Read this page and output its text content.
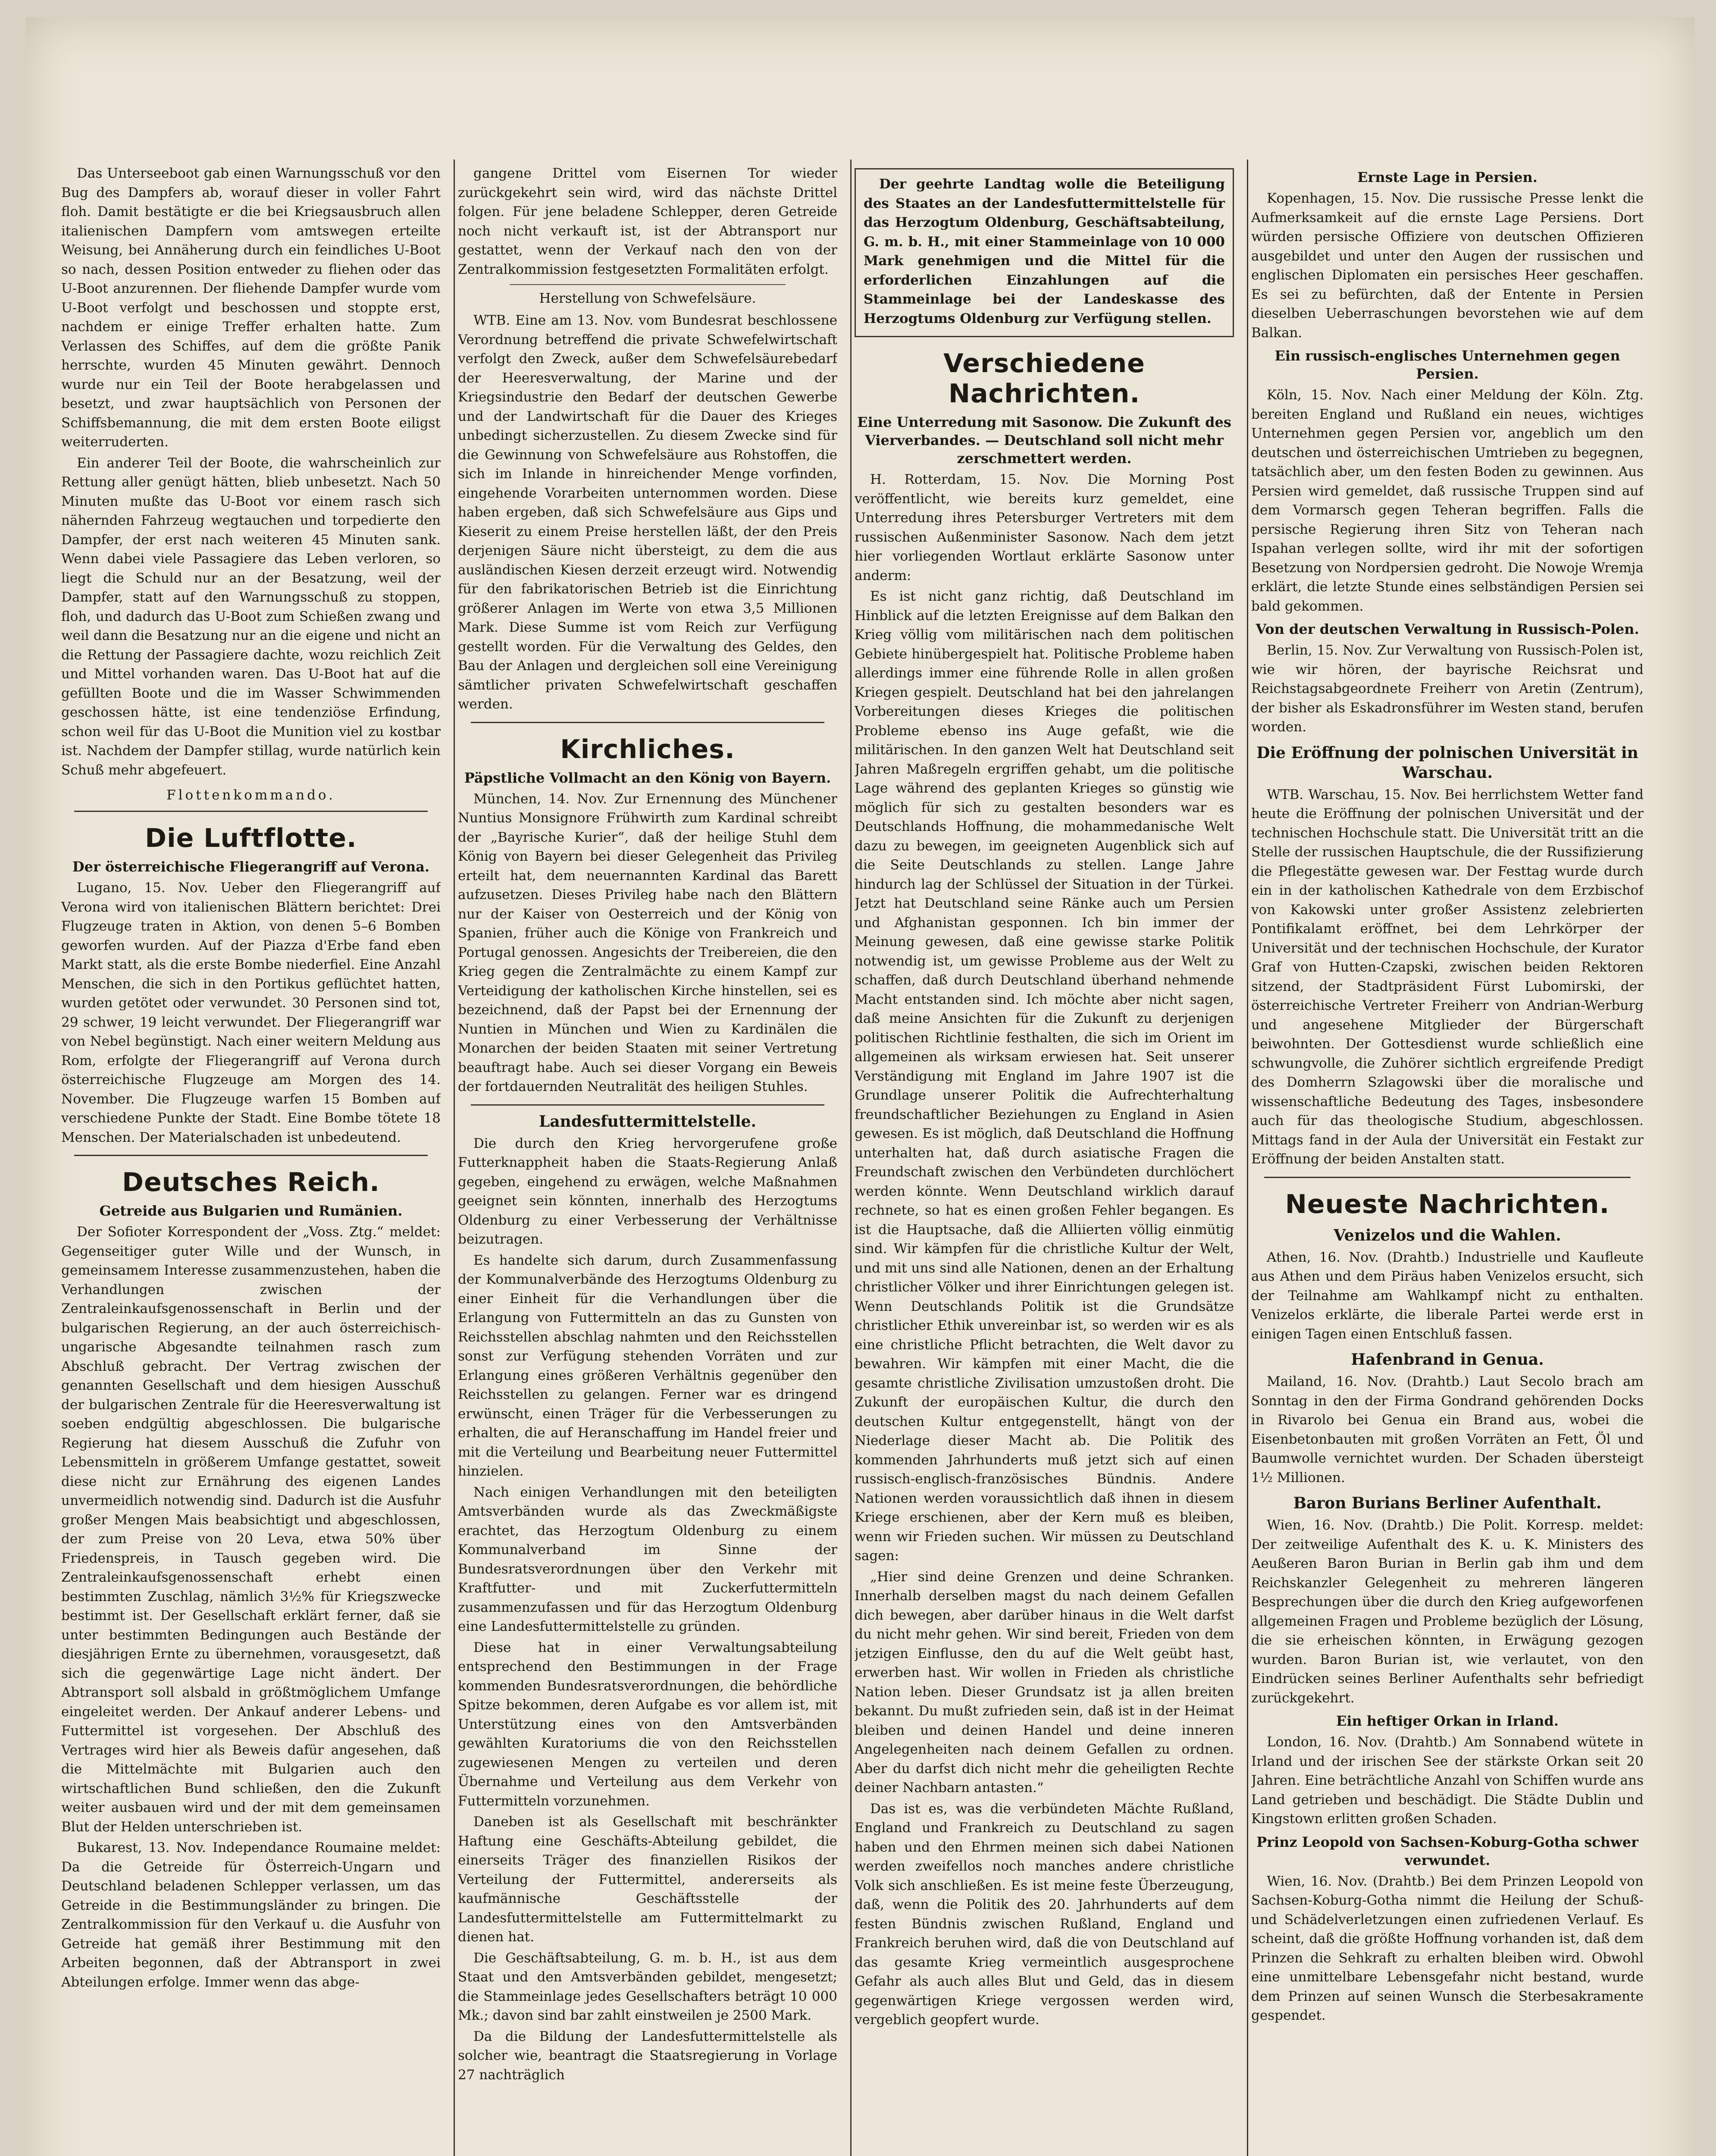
Das Unterseeboot gab einen Warnungsschuß vor den Bug des Dampfers ab, worauf dieser in voller Fahrt floh. Damit bestätigte er die bei Kriegsausbruch allen italienischen Dampfern vom amtswegen erteilte Weisung, bei Annäherung durch ein feindliches U-Boot so nach, dessen Position entweder zu fliehen oder das U-Boot anzurennen. Der fliehende Dampfer wurde vom U-Boot verfolgt und beschossen und stoppte erst, nachdem er einige Treffer erhalten hatte. Zum Verlassen des Schiffes, auf dem die größte Panik herrschte, wurden 45 Minuten gewährt. Dennoch wurde nur ein Teil der Boote herabgelassen und besetzt, und zwar hauptsächlich von Personen der Schiffsbemannung, die mit dem ersten Boote eiligst weiterruderten.

Ein anderer Teil der Boote, die wahrscheinlich zur Rettung aller genügt hätten, blieb unbesetzt. Nach 50 Minuten mußte das U-Boot vor einem rasch sich nähernden Fahrzeug wegtauchen und torpedierte den Dampfer, der erst nach weiteren 45 Minuten sank. Wenn dabei viele Passagiere das Leben verloren, so liegt die Schuld nur an der Besatzung, weil der Dampfer, statt auf den Warnungsschuß zu stoppen, floh, und dadurch das U-Boot zum Schießen zwang und weil dann die Besatzung nur an die eigene und nicht an die Rettung der Passagiere dachte, wozu reichlich Zeit und Mittel vorhanden waren. Das U-Boot hat auf die gefüllten Boote und die im Wasser Schwimmenden geschossen hätte, ist eine tendenziöse Erfindung, schon weil für das U-Boot die Munition viel zu kostbar ist. Nachdem der Dampfer stillag, wurde natürlich kein Schuß mehr abgefeuert.

Flottenkommando.
Die Luftflotte.
Der österreichische Fliegerangriff auf Verona.

Lugano, 15. Nov. Ueber den Fliegerangriff auf Verona wird von italienischen Blättern berichtet: Drei Flugzeuge traten in Aktion, von denen 5–6 Bomben geworfen wurden. Auf der Piazza d'Erbe fand eben Markt statt, als die erste Bombe niederfiel. Eine Anzahl Menschen, die sich in den Portikus geflüchtet hatten, wurden getötet oder verwundet. 30 Personen sind tot, 29 schwer, 19 leicht verwundet. Der Fliegerangriff war von Nebel begünstigt. Nach einer weitern Meldung aus Rom, erfolgte der Fliegerangriff auf Verona durch österreichische Flugzeuge am Morgen des 14. November. Die Flugzeuge warfen 15 Bomben auf verschiedene Punkte der Stadt. Eine Bombe tötete 18 Menschen. Der Materialschaden ist unbedeutend.

Deutsches Reich.
Getreide aus Bulgarien und Rumänien.

Der Sofioter Korrespondent der „Voss. Ztg.“ meldet: Gegenseitiger guter Wille und der Wunsch, in gemeinsamem Interesse zusammenzustehen, haben die Verhandlungen zwischen der Zentraleinkaufsgenossenschaft in Berlin und der bulgarischen Regierung, an der auch österreichisch-ungarische Abgesandte teilnahmen rasch zum Abschluß gebracht. Der Vertrag zwischen der genannten Gesellschaft und dem hiesigen Ausschuß der bulgarischen Zentrale für die Heeresverwaltung ist soeben endgültig abgeschlossen. Die bulgarische Regierung hat diesem Ausschuß die Zufuhr von Lebensmitteln in größerem Umfange gestattet, soweit diese nicht zur Ernährung des eigenen Landes unvermeidlich notwendig sind. Dadurch ist die Ausfuhr großer Mengen Mais beabsichtigt und abgeschlossen, der zum Preise von 20 Leva, etwa 50% über Friedenspreis, in Tausch gegeben wird. Die Zentraleinkaufsgenossenschaft erhebt einen bestimmten Zuschlag, nämlich 3½% für Kriegszwecke bestimmt ist. Der Gesellschaft erklärt ferner, daß sie unter bestimmten Bedingungen auch Bestände der diesjährigen Ernte zu übernehmen, vorausgesetzt, daß sich die gegenwärtige Lage nicht ändert. Der Abtransport soll alsbald in größtmöglichem Umfange eingeleitet werden. Der Ankauf anderer Lebens- und Futtermittel ist vorgesehen. Der Abschluß des Vertrages wird hier als Beweis dafür angesehen, daß die Mittelmächte mit Bulgarien auch den wirtschaftlichen Bund schließen, den die Zukunft weiter ausbauen wird und der mit dem gemeinsamen Blut der Helden unterschrieben ist.

Bukarest, 13. Nov. Independance Roumaine meldet: Da die Getreide für Österreich-Ungarn und Deutschland beladenen Schlepper verlassen, um das Getreide in die Bestimmungsländer zu bringen. Die Zentralkommission für den Verkauf u. die Ausfuhr von Getreide hat gemäß ihrer Bestimmung mit den Arbeiten begonnen, daß der Abtransport in zwei Abteilungen erfolge. Immer wenn das abge-

gangene Drittel vom Eisernen Tor wieder zurückgekehrt sein wird, wird das nächste Drittel folgen. Für jene beladene Schlepper, deren Getreide noch nicht verkauft ist, ist der Abtransport nur gestattet, wenn der Verkauf nach den von der Zentralkommission festgesetzten Formalitäten erfolgt.

Herstellung von Schwefelsäure.

WTB. Eine am 13. Nov. vom Bundesrat beschlossene Verordnung betreffend die private Schwefelwirtschaft verfolgt den Zweck, außer dem Schwefelsäurebedarf der Heeresverwaltung, der Marine und der Kriegsindustrie den Bedarf der deutschen Gewerbe und der Landwirtschaft für die Dauer des Krieges unbedingt sicherzustellen. Zu diesem Zwecke sind für die Gewinnung von Schwefelsäure aus Rohstoffen, die sich im Inlande in hinreichender Menge vorfinden, eingehende Vorarbeiten unternommen worden. Diese haben ergeben, daß sich Schwefelsäure aus Gips und Kieserit zu einem Preise herstellen läßt, der den Preis derjenigen Säure nicht übersteigt, zu dem die aus ausländischen Kiesen derzeit erzeugt wird. Notwendig für den fabrikatorischen Betrieb ist die Einrichtung größerer Anlagen im Werte von etwa 3,5 Millionen Mark. Diese Summe ist vom Reich zur Verfügung gestellt worden. Für die Verwaltung des Geldes, den Bau der Anlagen und dergleichen soll eine Vereinigung sämtlicher privaten Schwefelwirtschaft geschaffen werden.

Kirchliches.
Päpstliche Vollmacht an den König von Bayern.

München, 14. Nov. Zur Ernennung des Münchener Nuntius Monsignore Frühwirth zum Kardinal schreibt der „Bayrische Kurier“, daß der heilige Stuhl dem König von Bayern bei dieser Gelegenheit das Privileg erteilt hat, dem neuernannten Kardinal das Barett aufzusetzen. Dieses Privileg habe nach den Blättern nur der Kaiser von Oesterreich und der König von Spanien, früher auch die Könige von Frankreich und Portugal genossen. Angesichts der Treibereien, die den Krieg gegen die Zentralmächte zu einem Kampf zur Verteidigung der katholischen Kirche hinstellen, sei es bezeichnend, daß der Papst bei der Ernennung der Nuntien in München und Wien zu Kardinälen die Monarchen der beiden Staaten mit seiner Vertretung beauftragt habe. Auch sei dieser Vorgang ein Beweis der fortdauernden Neutralität des heiligen Stuhles.

Landesfuttermittelstelle.

Die durch den Krieg hervorgerufene große Futterknappheit haben die Staats-Regierung Anlaß gegeben, eingehend zu erwägen, welche Maßnahmen geeignet sein könnten, innerhalb des Herzogtums Oldenburg zu einer Verbesserung der Verhältnisse beizutragen.

Es handelte sich darum, durch Zusammenfassung der Kommunalverbände des Herzogtums Oldenburg zu einer Einheit für die Verhandlungen über die Erlangung von Futtermitteln an das zu Gunsten von Reichsstellen abschlag nahmten und den Reichsstellen sonst zur Verfügung stehenden Vorräten und zur Erlangung eines größeren Verhältnis gegenüber den Reichsstellen zu gelangen. Ferner war es dringend erwünscht, einen Träger für die Verbesserungen zu erhalten, die auf Heranschaffung im Handel freier und mit die Verteilung und Bearbeitung neuer Futtermittel hinzielen.

Nach einigen Verhandlungen mit den beteiligten Amtsverbänden wurde als das Zweckmäßigste erachtet, das Herzogtum Oldenburg zu einem Kommunalverband im Sinne der Bundesratsverordnungen über den Verkehr mit Kraftfutter- und mit Zuckerfuttermitteln zusammenzufassen und für das Herzogtum Oldenburg eine Landesfuttermittelstelle zu gründen.

Diese hat in einer Verwaltungsabteilung entsprechend den Bestimmungen in der Frage kommenden Bundesratsverordnungen, die behördliche Spitze bekommen, deren Aufgabe es vor allem ist, mit Unterstützung eines von den Amtsverbänden gewählten Kuratoriums die von den Reichsstellen zugewiesenen Mengen zu verteilen und deren Übernahme und Verteilung aus dem Verkehr von Futtermitteln vorzunehmen.

Daneben ist als Gesellschaft mit beschränkter Haftung eine Geschäfts-Abteilung gebildet, die einerseits Träger des finanziellen Risikos der Verteilung der Futtermittel, andererseits als kaufmännische Geschäftsstelle der Landesfuttermittelstelle am Futtermittelmarkt zu dienen hat.

Die Geschäftsabteilung, G. m. b. H., ist aus dem Staat und den Amtsverbänden gebildet, mengesetzt; die Stammeinlage jedes Gesellschafters beträgt 10 000 Mk.; davon sind bar zahlt einstweilen je 2500 Mark.

Da die Bildung der Landesfuttermittelstelle als solcher wie, beantragt die Staatsregierung in Vorlage 27 nachträglich

Der geehrte Landtag wolle die Beteiligung des Staates an der Landesfuttermittelstelle für das Herzogtum Oldenburg, Geschäftsabteilung, G. m. b. H., mit einer Stammeinlage von 10 000 Mark genehmigen und die Mittel für die erforderlichen Einzahlungen auf die Stammeinlage bei der Landeskasse des Herzogtums Oldenburg zur Verfügung stellen.

Verschiedene Nachrichten.
Eine Unterredung mit Sasonow. Die Zukunft des Vierverbandes. — Deutschland soll nicht mehr zerschmettert werden.

H. Rotterdam, 15. Nov. Die Morning Post veröffentlicht, wie bereits kurz gemeldet, eine Unterredung ihres Petersburger Vertreters mit dem russischen Außenminister Sasonow. Nach dem jetzt hier vorliegenden Wortlaut erklärte Sasonow unter anderm:

Es ist nicht ganz richtig, daß Deutschland im Hinblick auf die letzten Ereignisse auf dem Balkan den Krieg völlig vom militärischen nach dem politischen Gebiete hinübergespielt hat. Politische Probleme haben allerdings immer eine führende Rolle in allen großen Kriegen gespielt. Deutschland hat bei den jahrelangen Vorbereitungen dieses Krieges die politischen Probleme ebenso ins Auge gefaßt, wie die militärischen. In den ganzen Welt hat Deutschland seit Jahren Maßregeln ergriffen gehabt, um die politische Lage während des geplanten Krieges so günstig wie möglich für sich zu gestalten besonders war es Deutschlands Hoffnung, die mohammedanische Welt dazu zu bewegen, im geeigneten Augenblick sich auf die Seite Deutschlands zu stellen. Lange Jahre hindurch lag der Schlüssel der Situation in der Türkei. Jetzt hat Deutschland seine Ränke auch um Persien und Afghanistan gesponnen. Ich bin immer der Meinung gewesen, daß eine gewisse starke Politik notwendig ist, um gewisse Probleme aus der Welt zu schaffen, daß durch Deutschland überhand nehmende Macht entstanden sind. Ich möchte aber nicht sagen, daß meine Ansichten für die Zukunft zu derjenigen politischen Richtlinie festhalten, die sich im Orient im allgemeinen als wirksam erwiesen hat. Seit unserer Verständigung mit England im Jahre 1907 ist die Grundlage unserer Politik die Aufrechterhaltung freundschaftlicher Beziehungen zu England in Asien gewesen. Es ist möglich, daß Deutschland die Hoffnung unterhalten hat, daß durch asiatische Fragen die Freundschaft zwischen den Verbündeten durchlöchert werden könnte. Wenn Deutschland wirklich darauf rechnete, so hat es einen großen Fehler begangen. Es ist die Hauptsache, daß die Alliierten völlig einmütig sind. Wir kämpfen für die christliche Kultur der Welt, und mit uns sind alle Nationen, denen an der Erhaltung christlicher Völker und ihrer Einrichtungen gelegen ist. Wenn Deutschlands Politik ist die Grundsätze christlicher Ethik unvereinbar ist, so werden wir es als eine christliche Pflicht betrachten, die Welt davor zu bewahren. Wir kämpfen mit einer Macht, die die gesamte christliche Zivilisation umzustoßen droht. Die Zukunft der europäischen Kultur, die durch den deutschen Kultur entgegenstellt, hängt von der Niederlage dieser Macht ab. Die Politik des kommenden Jahrhunderts muß jetzt sich auf einen russisch-englisch-französisches Bündnis. Andere Nationen werden voraussichtlich daß ihnen in diesem Kriege erschienen, aber der Kern muß es bleiben, wenn wir Frieden suchen. Wir müssen zu Deutschland sagen:

„Hier sind deine Grenzen und deine Schranken. Innerhalb derselben magst du nach deinem Gefallen dich bewegen, aber darüber hinaus in die Welt darfst du nicht mehr gehen. Wir sind bereit, Frieden von dem jetzigen Einflusse, den du auf die Welt geübt hast, erwerben hast. Wir wollen in Frieden als christliche Nation leben. Dieser Grundsatz ist ja allen breiten bekannt. Du mußt zufrieden sein, daß ist in der Heimat bleiben und deinen Handel und deine inneren Angelegenheiten nach deinem Gefallen zu ordnen. Aber du darfst dich nicht mehr die geheiligten Rechte deiner Nachbarn antasten.“

Das ist es, was die verbündeten Mächte Rußland, England und Frankreich zu Deutschland zu sagen haben und den Ehrmen meinen sich dabei Nationen werden zweifellos noch manches andere christliche Volk sich anschließen. Es ist meine feste Überzeugung, daß, wenn die Politik des 20. Jahrhunderts auf dem festen Bündnis zwischen Rußland, England und Frankreich beruhen wird, daß die von Deutschland auf das gesamte Krieg vermeintlich ausgesprochene Gefahr als auch alles Blut und Geld, das in diesem gegenwärtigen Kriege vergossen werden wird, vergeblich geopfert wurde.

Ernste Lage in Persien.

Kopenhagen, 15. Nov. Die russische Presse lenkt die Aufmerksamkeit auf die ernste Lage Persiens. Dort würden persische Offiziere von deutschen Offizieren ausgebildet und unter den Augen der russischen und englischen Diplomaten ein persisches Heer geschaffen. Es sei zu befürchten, daß der Entente in Persien dieselben Ueberraschungen bevorstehen wie auf dem Balkan.

Ein russisch-englisches Unternehmen gegen Persien.

Köln, 15. Nov. Nach einer Meldung der Köln. Ztg. bereiten England und Rußland ein neues, wichtiges Unternehmen gegen Persien vor, angeblich um den deutschen und österreichischen Umtrieben zu begegnen, tatsächlich aber, um den festen Boden zu gewinnen. Aus Persien wird gemeldet, daß russische Truppen sind auf dem Vormarsch gegen Teheran begriffen. Falls die persische Regierung ihren Sitz von Teheran nach Ispahan verlegen sollte, wird ihr mit der sofortigen Besetzung von Nordpersien gedroht. Die Nowoje Wremja erklärt, die letzte Stunde eines selbständigen Persien sei bald gekommen.

Von der deutschen Verwaltung in Russisch-Polen.

Berlin, 15. Nov. Zur Verwaltung von Russisch-Polen ist, wie wir hören, der bayrische Reichsrat und Reichstagsabgeordnete Freiherr von Aretin (Zentrum), der bisher als Eskadronsführer im Westen stand, berufen worden.

Die Eröffnung der polnischen Universität in Warschau.

WTB. Warschau, 15. Nov. Bei herrlichstem Wetter fand heute die Eröffnung der polnischen Universität und der technischen Hochschule statt. Die Universität tritt an die Stelle der russischen Hauptschule, die der Russifizierung die Pflegestätte gewesen war. Der Festtag wurde durch ein in der katholischen Kathedrale von dem Erzbischof von Kakowski unter großer Assistenz zelebrierten Pontifikalamt eröffnet, bei dem Lehrkörper der Universität und der technischen Hochschule, der Kurator Graf von Hutten-Czapski, zwischen beiden Rektoren sitzend, der Stadtpräsident Fürst Lubomirski, der österreichische Vertreter Freiherr von Andrian-Werburg und angesehene Mitglieder der Bürgerschaft beiwohnten. Der Gottesdienst wurde schließlich eine schwungvolle, die Zuhörer sichtlich ergreifende Predigt des Domherrn Szlagowski über die moralische und wissenschaftliche Bedeutung des Tages, insbesondere auch für das theologische Studium, abgeschlossen. Mittags fand in der Aula der Universität ein Festakt zur Eröffnung der beiden Anstalten statt.

Neueste Nachrichten.
Venizelos und die Wahlen.

Athen, 16. Nov. (Drahtb.) Industrielle und Kaufleute aus Athen und dem Piräus haben Venizelos ersucht, sich der Teilnahme am Wahlkampf nicht zu enthalten. Venizelos erklärte, die liberale Partei werde erst in einigen Tagen einen Entschluß fassen.

Hafenbrand in Genua.

Mailand, 16. Nov. (Drahtb.) Laut Secolo brach am Sonntag in den der Firma Gondrand gehörenden Docks in Rivarolo bei Genua ein Brand aus, wobei die Eisenbetonbauten mit großen Vorräten an Fett, Öl und Baumwolle vernichtet wurden. Der Schaden übersteigt 1½ Millionen.

Baron Burians Berliner Aufenthalt.

Wien, 16. Nov. (Drahtb.) Die Polit. Korresp. meldet: Der zeitweilige Aufenthalt des K. u. K. Ministers des Aeußeren Baron Burian in Berlin gab ihm und dem Reichskanzler Gelegenheit zu mehreren längeren Besprechungen über die durch den Krieg aufgeworfenen allgemeinen Fragen und Probleme bezüglich der Lösung, die sie erheischen könnten, in Erwägung gezogen wurden. Baron Burian ist, wie verlautet, von den Eindrücken seines Berliner Aufenthalts sehr befriedigt zurückgekehrt.

Ein heftiger Orkan in Irland.

London, 16. Nov. (Drahtb.) Am Sonnabend wütete in Irland und der irischen See der stärkste Orkan seit 20 Jahren. Eine beträchtliche Anzahl von Schiffen wurde ans Land getrieben und beschädigt. Die Städte Dublin und Kingstown erlitten großen Schaden.

Prinz Leopold von Sachsen-Koburg-Gotha schwer verwundet.

Wien, 16. Nov. (Drahtb.) Bei dem Prinzen Leopold von Sachsen-Koburg-Gotha nimmt die Heilung der Schuß- und Schädelverletzungen einen zufriedenen Verlauf. Es scheint, daß die größte Hoffnung vorhanden ist, daß dem Prinzen die Sehkraft zu erhalten bleiben wird. Obwohl eine unmittelbare Lebensgefahr nicht bestand, wurde dem Prinzen auf seinen Wunsch die Sterbesakramente gespendet.
